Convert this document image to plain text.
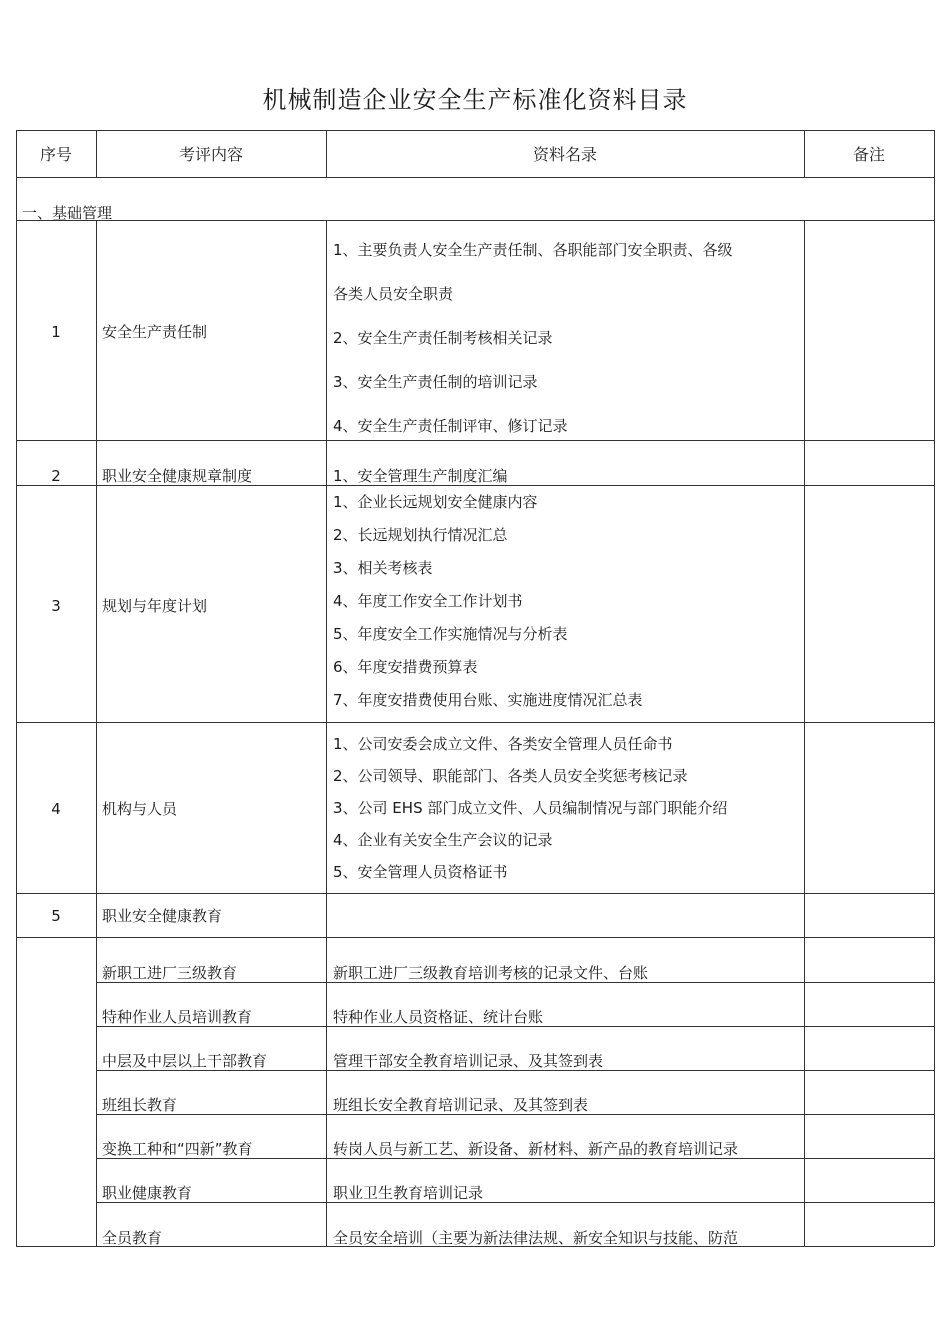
机械制造企业安全生产标准化资料目录
序号	考评内容	资料名录	备注
一、基础管理
1	安全生产责任制
1、主要负责人安全生产责任制、各职能部门安全职责、各级
各类人员安全职责
2、安全生产责任制考核相关记录
3、安全生产责任制的培训记录
4、安全生产责任制评审、修订记录
2	职业安全健康规章制度	1、安全管理生产制度汇编
3	规划与年度计划
1、企业长远规划安全健康内容
2、长远规划执行情况汇总
3、相关考核表
4、年度工作安全工作计划书
5、年度安全工作实施情况与分析表
6、年度安措费预算表
7、年度安措费使用台账、实施进度情况汇总表
4	机构与人员
1、公司安委会成立文件、各类安全管理人员任命书
2、公司领导、职能部门、各类人员安全奖惩考核记录
3、公司 EHS 部门成立文件、人员编制情况与部门职能介绍
4、企业有关安全生产会议的记录
5、安全管理人员资格证书
5	职业安全健康教育
新职工进厂三级教育	新职工进厂三级教育培训考核的记录文件、台账
特种作业人员培训教育	特种作业人员资格证、统计台账
中层及中层以上干部教育	管理干部安全教育培训记录、及其签到表
班组长教育	班组长安全教育培训记录、及其签到表
变换工种和“四新”教育	转岗人员与新工艺、新设备、新材料、新产品的教育培训记录
职业健康教育	职业卫生教育培训记录
全员教育	全员安全培训（主要为新法律法规、新安全知识与技能、防范
